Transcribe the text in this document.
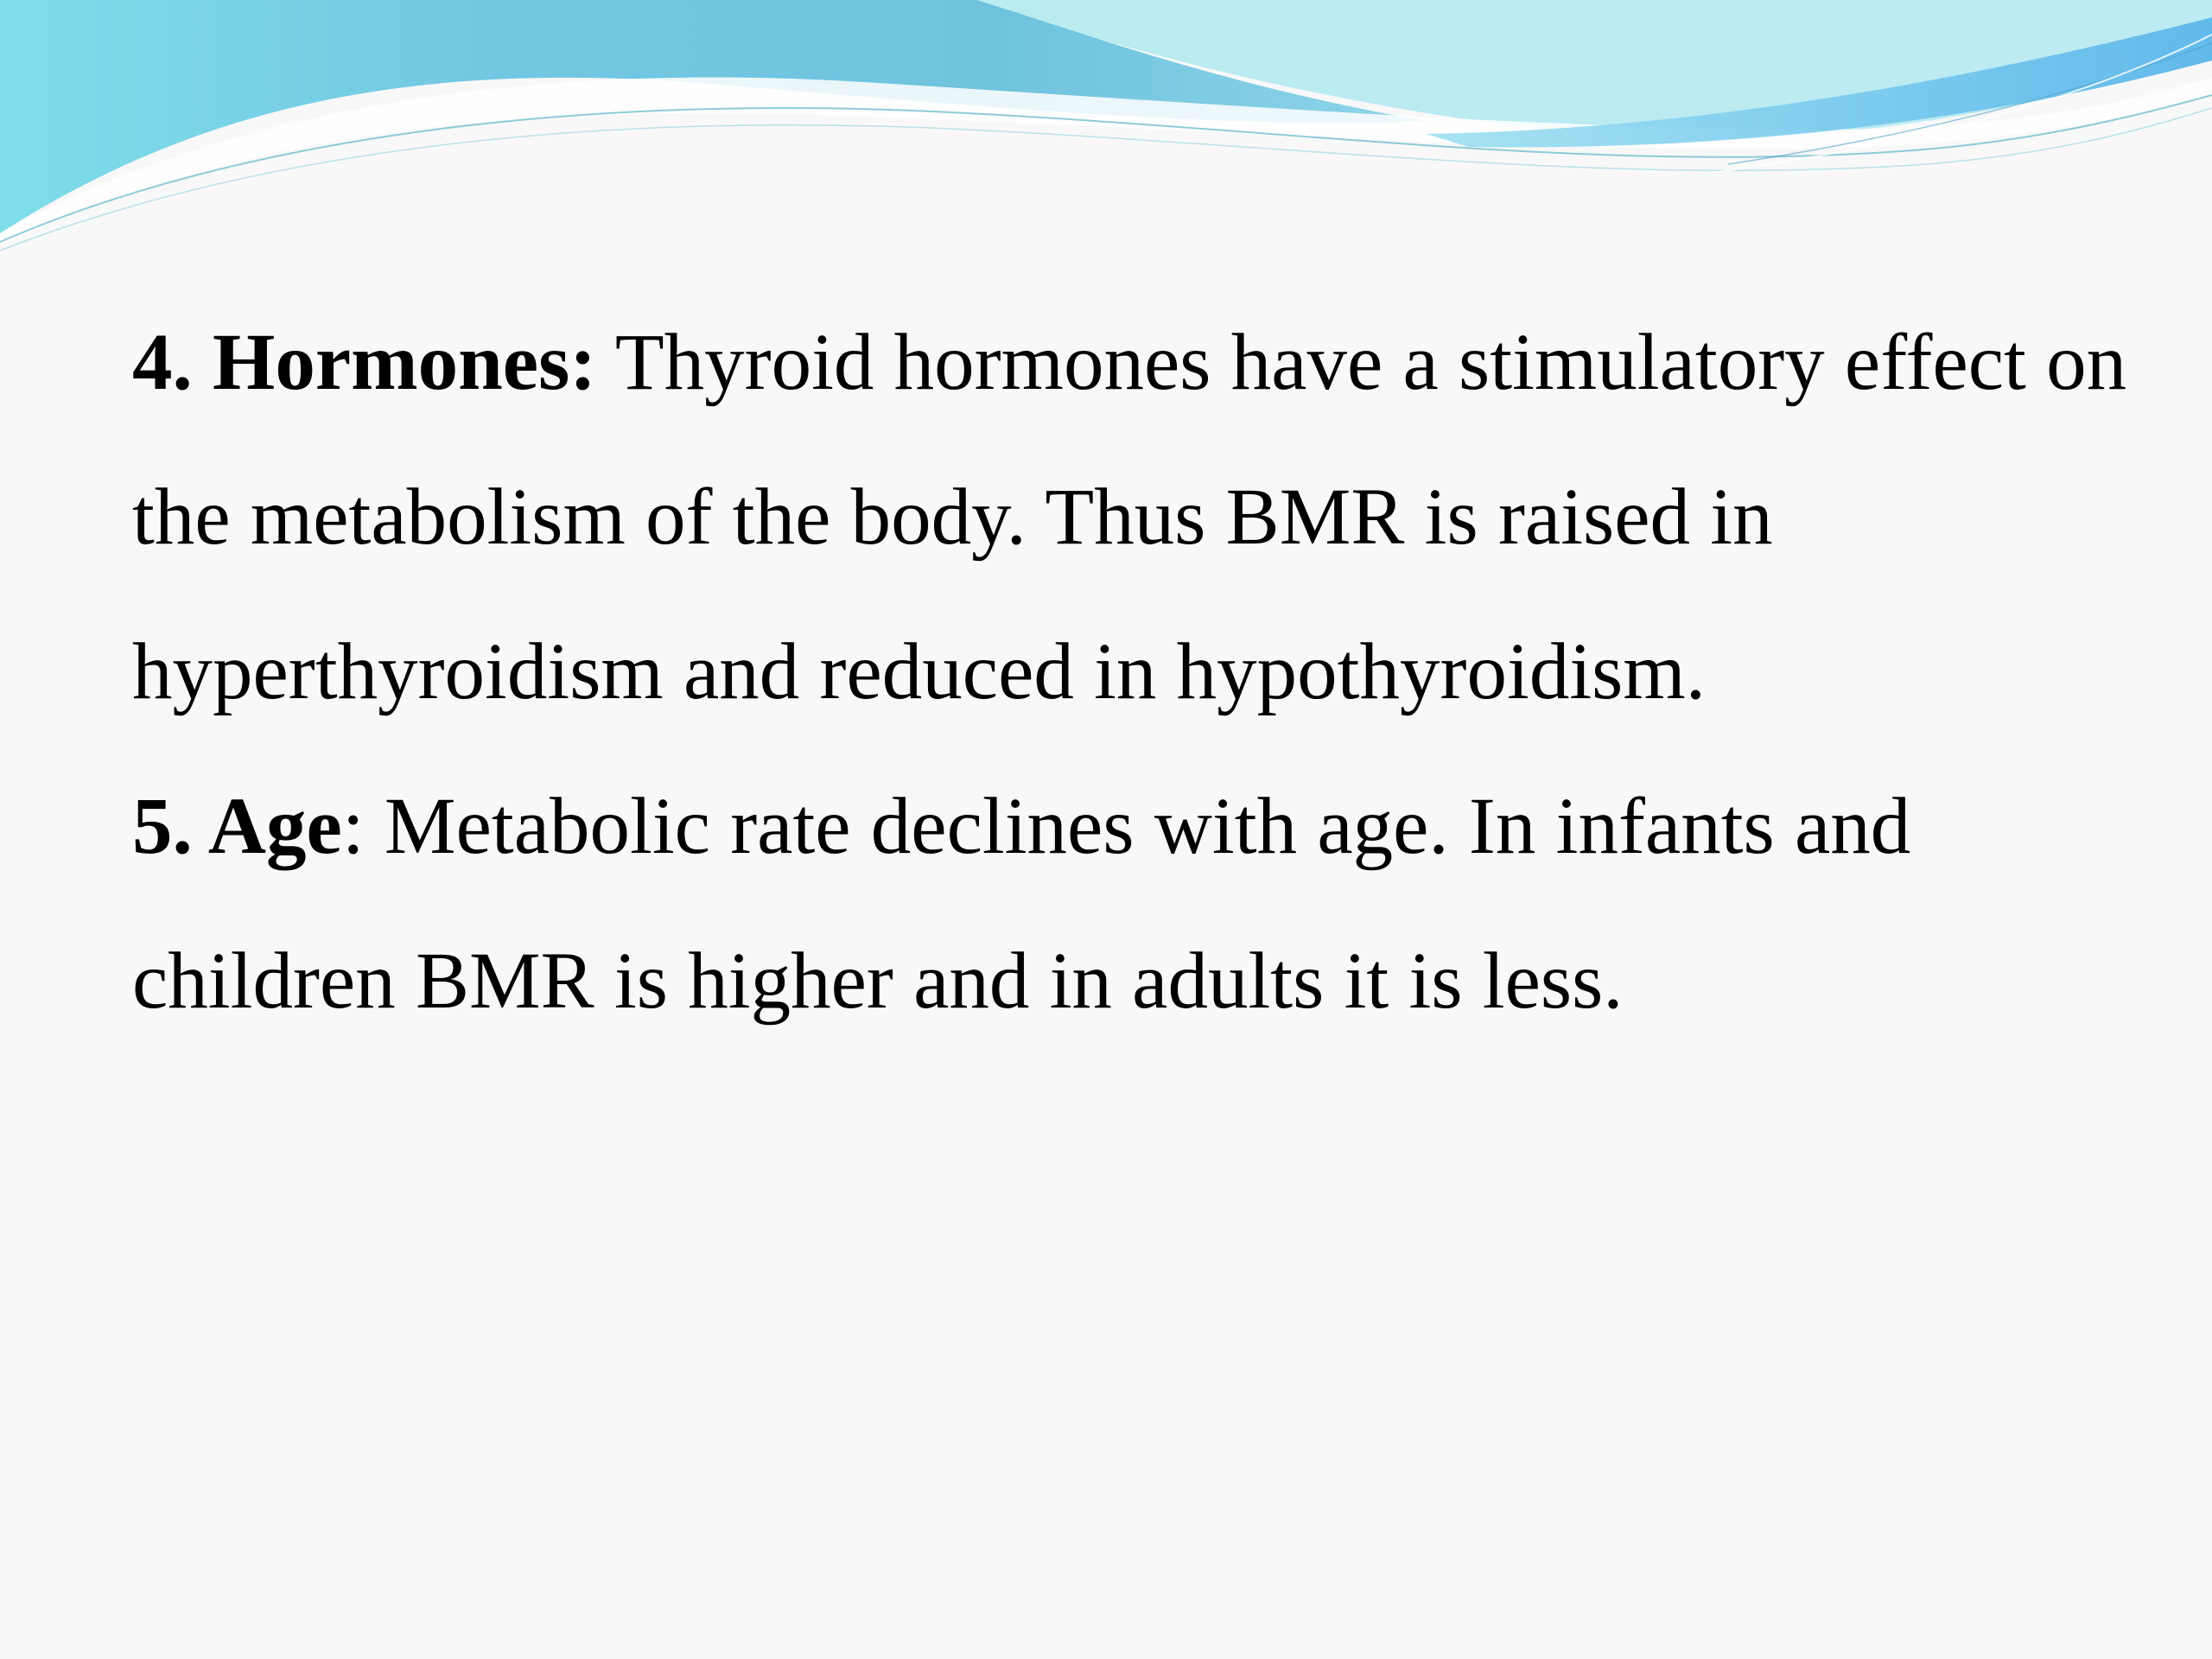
4. Hormones: Thyroid hormones have a stimulatory effect on the metabolism of the body. Thus BMR is raised in hyperthyroidism and reduced in hypothyroidism.

5. Age: Metabolic rate declines with age. In infants and children BMR is higher and in adults it is less.
